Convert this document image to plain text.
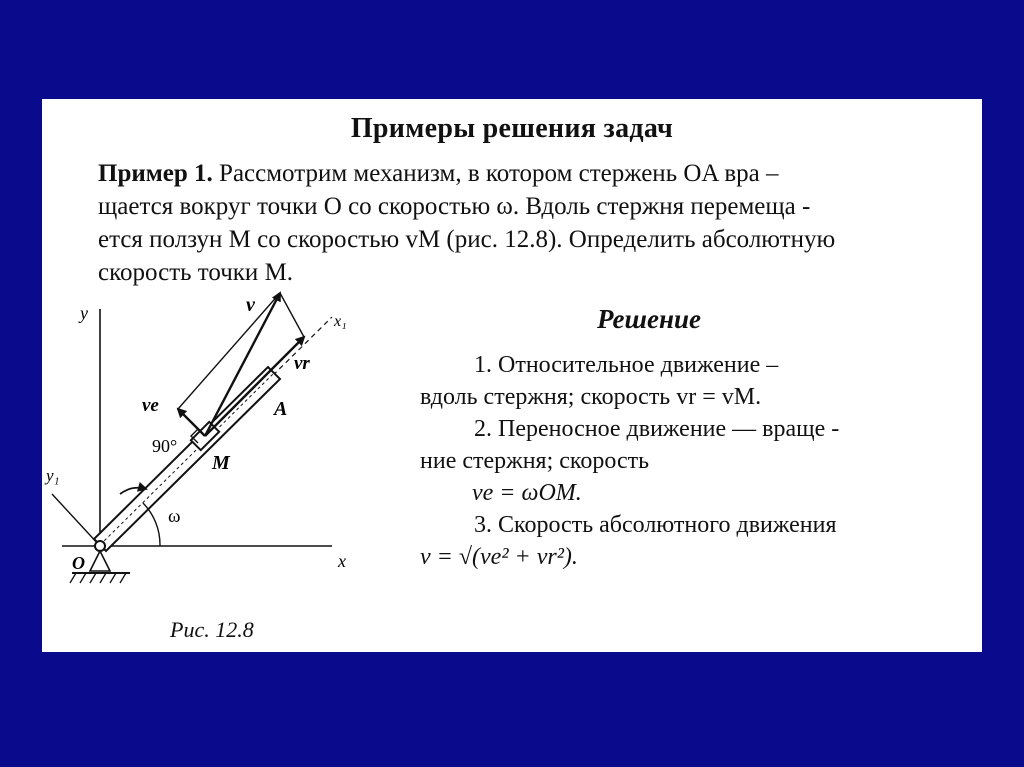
Примеры решения задач
Пример 1. Рассмотрим механизм, в котором стержень OA вра –
щается вокруг точки O со скоростью ω. Вдоль стержня перемеща -
ется ползун M со скоростью vM (рис. 12.8). Определить абсолютную
скорость точки M.
y
y₁
x
x₁
O
A
M
v
vr
ve
90°
ω
Рис. 12.8
Решение
1. Относительное движение –
вдоль стержня; скорость vr = vM.
2. Переносное движение — враще -
ние стержня; скорость
ve = ωOM.
3. Скорость абсолютного движения
v = √(ve² + vr²).
